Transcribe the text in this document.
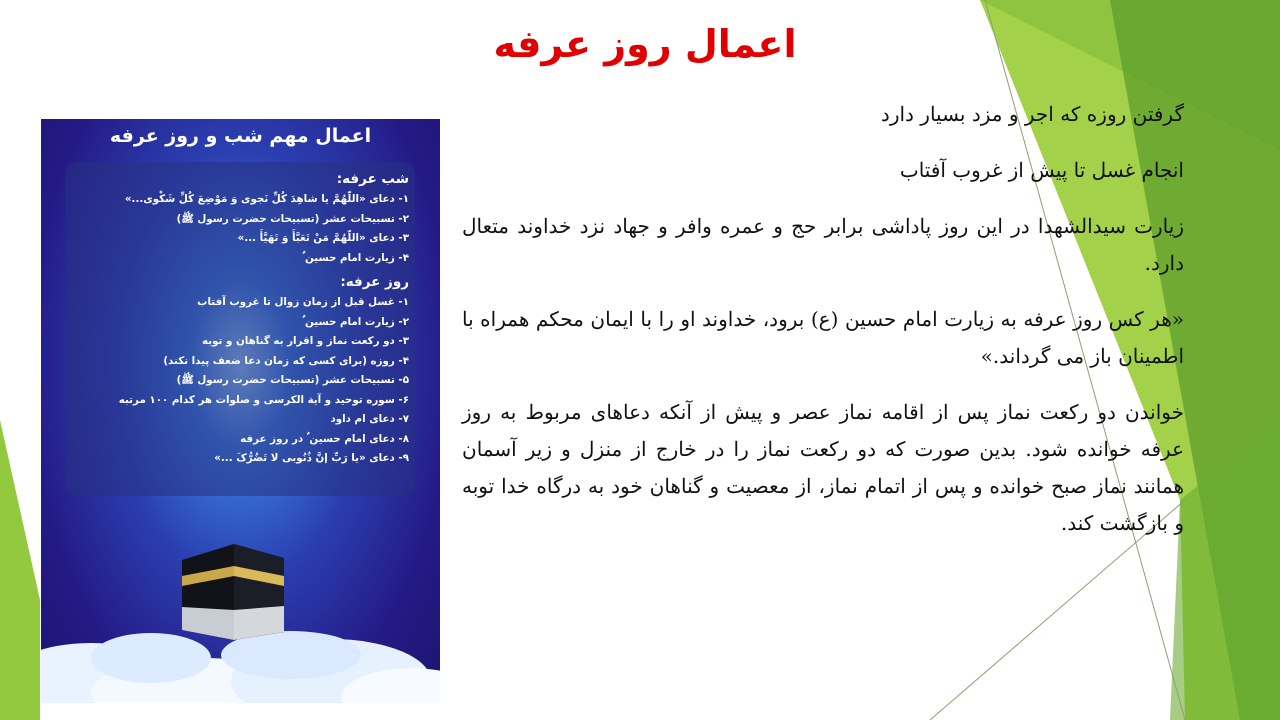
اعمال روز عرفه
اعمال مهم شب و روز عرفه
شب عرفه:
۱- دعای «اللّهُمَّ یا شاهِدَ کُلِّ نَجوی وَ مَوْضِعَ کُلِّ شَکْوی...»
۲- تسبیحات عشر (تسبیحات حضرت رسول ﷺ)
۳- دعای «اللّهُمَّ مَنْ تَعَبَّأَ وَ تَهَیَّأَ ...»
۴- زیارت امام حسین ؑ
روز عرفه:
۱- غسل قبل از زمان زوال تا غروب آفتاب
۲- زیارت امام حسین ؑ
۳- دو رکعت نماز و اقرار به گناهان و توبه
۴- روزه (برای کسی که زمان دعا ضعف پیدا نکند)
۵- تسبیحات عشر (تسبیحات حضرت رسول ﷺ)
۶- سوره توحید و آیة الکرسی و صلوات هر کدام ۱۰۰ مرتبه
۷- دعای ام داود
۸- دعای امام حسین ؑ در روز عرفه
۹- دعای «یا رَبِّ إنَّ ذُنُوبی لا تَضُرُّکَ ...»

گرفتن روزه که اجر و مزد بسیار دارد

انجام غسل تا پیش از غروب آفتاب

زیارت سیدالشهدا در این روز پاداشی برابر حج و عمره وافر و جهاد نزد خداوند متعال دارد.

«هر کس روز عرفه به زیارت امام حسین (ع) برود، خداوند او را با ایمان محکم همراه با اطمینان باز می گرداند.»

خواندن دو رکعت نماز پس از اقامه نماز عصر و پیش از آنکه دعاهای مربوط به روز عرفه خوانده شود. بدین صورت که دو رکعت نماز را در خارج از منزل و زیر آسمان همانند نماز صبح خوانده و پس از اتمام نماز، از معصیت و گناهان خود به درگاه خدا توبه و بازگشت کند.
